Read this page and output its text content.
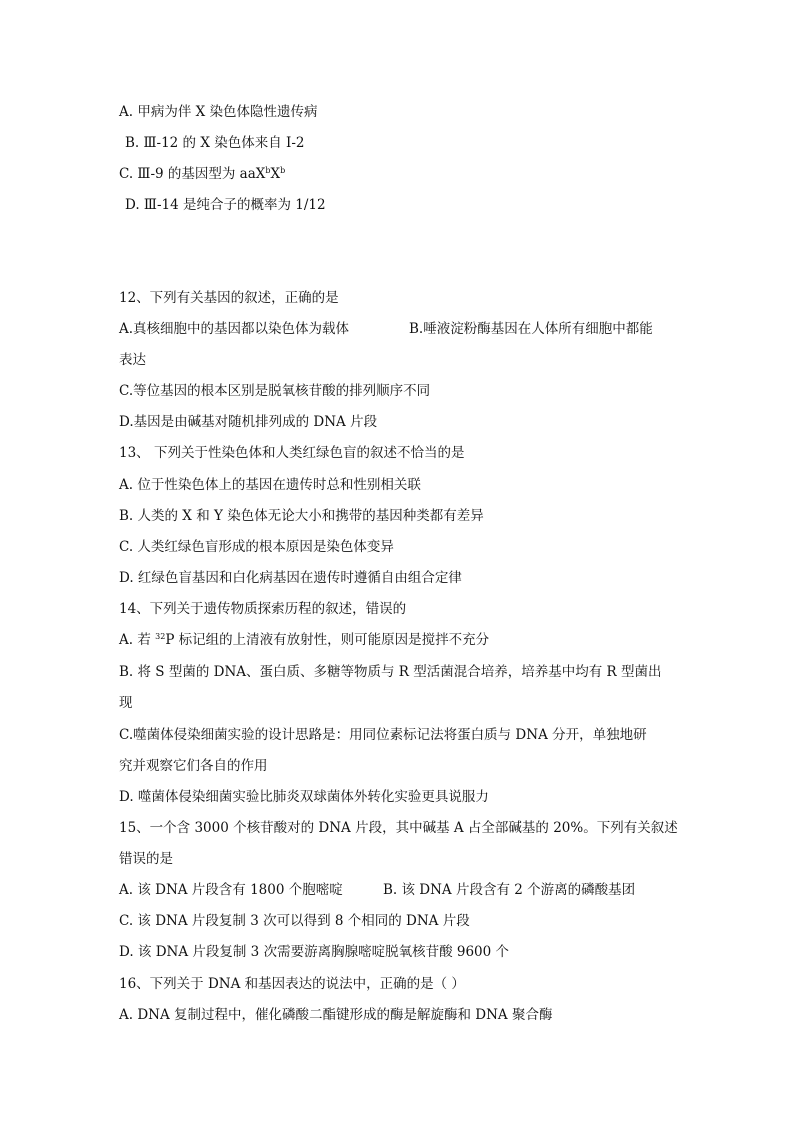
A. 甲病为伴 X 染色体隐性遗传病
B. Ⅲ-12 的 X 染色体来自 I-2
C. Ⅲ-9 的基因型为 $aaX^bX^b$
D. Ⅲ-14 是纯合子的概率为 1/12
12、下列有关基因的叙述，正确的是
A.真核细胞中的基因都以染色体为载体	B.唾液淀粉酶基因在人体所有细胞中都能
表达
C.等位基因的根本区别是脱氧核苷酸的排列顺序不同
D.基因是由碱基对随机排列成的 DNA 片段
13、 下列关于性染色体和人类红绿色盲的叙述不恰当的是
A. 位于性染色体上的基因在遗传时总和性别相关联
B. 人类的 X 和 Y 染色体无论大小和携带的基因种类都有差异
C. 人类红绿色盲形成的根本原因是染色体变异
D. 红绿色盲基因和白化病基因在遗传时遵循自由组合定律
14、下列关于遗传物质探索历程的叙述，错误的
A. 若 $^{32}$P 标记组的上清液有放射性，则可能原因是搅拌不充分
B. 将 S 型菌的 DNA、蛋白质、多糖等物质与 R 型活菌混合培养，培养基中均有 R 型菌出
现
C.噬菌体侵染细菌实验的设计思路是：用同位素标记法将蛋白质与 DNA 分开，单独地研
究并观察它们各自的作用
D. 噬菌体侵染细菌实验比肺炎双球菌体外转化实验更具说服力
15、一个含 3000 个核苷酸对的 DNA 片段，其中碱基 A 占全部碱基的 20%。下列有关叙述
错误的是
A. 该 DNA 片段含有 1800 个胞嘧啶	B. 该 DNA 片段含有 2 个游离的磷酸基团
C. 该 DNA 片段复制 3 次可以得到 8 个相同的 DNA 片段
D. 该 DNA 片段复制 3 次需要游离胸腺嘧啶脱氧核苷酸 9600 个
16、下列关于 DNA 和基因表达的说法中，正确的是（ ）
A. DNA 复制过程中，催化磷酸二酯键形成的酶是解旋酶和 DNA 聚合酶
